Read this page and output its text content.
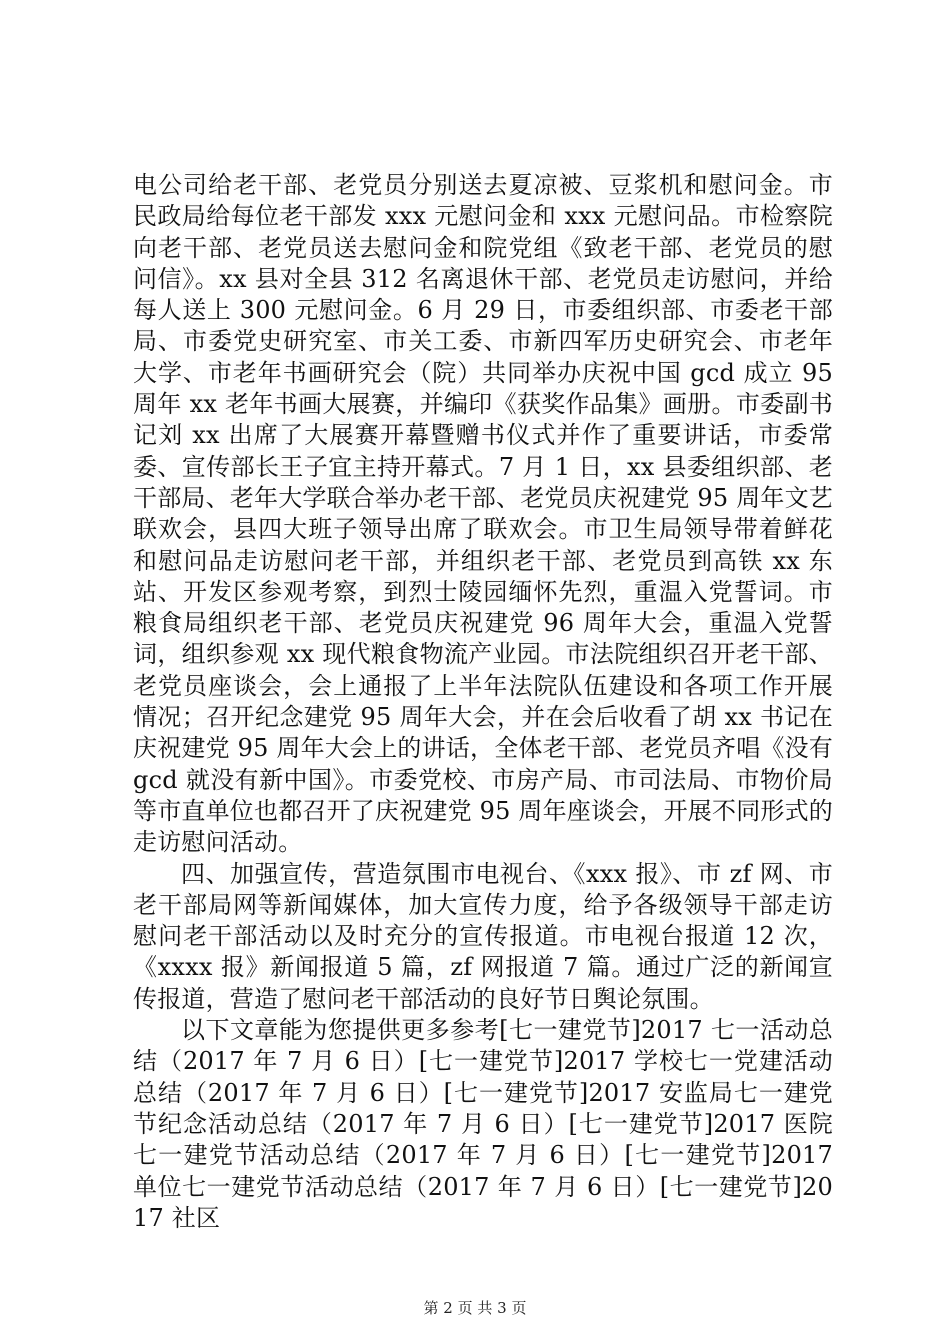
电公司给老干部、老党员分别送去夏凉被、豆浆机和慰问金。市民政局给每位老干部发 xxx 元慰问金和 xxx 元慰问品。市检察院向老干部、老党员送去慰问金和院党组《致老干部、老党员的慰问信》。xx 县对全县 312 名离退休干部、老党员走访慰问，并给每人送上 300 元慰问金。6 月 29 日，市委组织部、市委老干部局、市委党史研究室、市关工委、市新四军历史研究会、市老年大学、市老年书画研究会（院）共同举办庆祝中国 gcd 成立 95 周年 xx 老年书画大展赛，并编印《获奖作品集》画册。市委副书记刘 xx 出席了大展赛开幕暨赠书仪式并作了重要讲话，市委常委、宣传部长王子宜主持开幕式。7 月 1 日，xx 县委组织部、老干部局、老年大学联合举办老干部、老党员庆祝建党 95 周年文艺联欢会，县四大班子领导出席了联欢会。市卫生局领导带着鲜花和慰问品走访慰问老干部，并组织老干部、老党员到高铁 xx 东站、开发区参观考察，到烈士陵园缅怀先烈，重温入党誓词。市粮食局组织老干部、老党员庆祝建党 96 周年大会，重温入党誓词，组织参观 xx 现代粮食物流产业园。市法院组织召开老干部、老党员座谈会，会上通报了上半年法院队伍建设和各项工作开展情况；召开纪念建党 95 周年大会，并在会后收看了胡 xx 书记在庆祝建党 95 周年大会上的讲话，全体老干部、老党员齐唱《没有 gcd 就没有新中国》。市委党校、市房产局、市司法局、市物价局等市直单位也都召开了庆祝建党 95 周年座谈会，开展不同形式的走访慰问活动。

四、加强宣传，营造氛围市电视台、《xxx 报》、市 zf 网、市老干部局网等新闻媒体，加大宣传力度，给予各级领导干部走访慰问老干部活动以及时充分的宣传报道。市电视台报道 12 次，《xxxx 报》新闻报道 5 篇，zf 网报道 7 篇。通过广泛的新闻宣传报道，营造了慰问老干部活动的良好节日舆论氛围。

以下文章能为您提供更多参考[七一建党节]2017 七一活动总结（2017 年 7 月 6 日）[七一建党节]2017 学校七一党建活动总结（2017 年 7 月 6 日）[七一建党节]2017 安监局七一建党节纪念活动总结（2017 年 7 月 6 日）[七一建党节]2017 医院七一建党节活动总结（2017 年 7 月 6 日）[七一建党节]2017 单位七一建党节活动总结（2017 年 7 月 6 日）[七一建党节]2017 社区

第 2 页 共 3 页
